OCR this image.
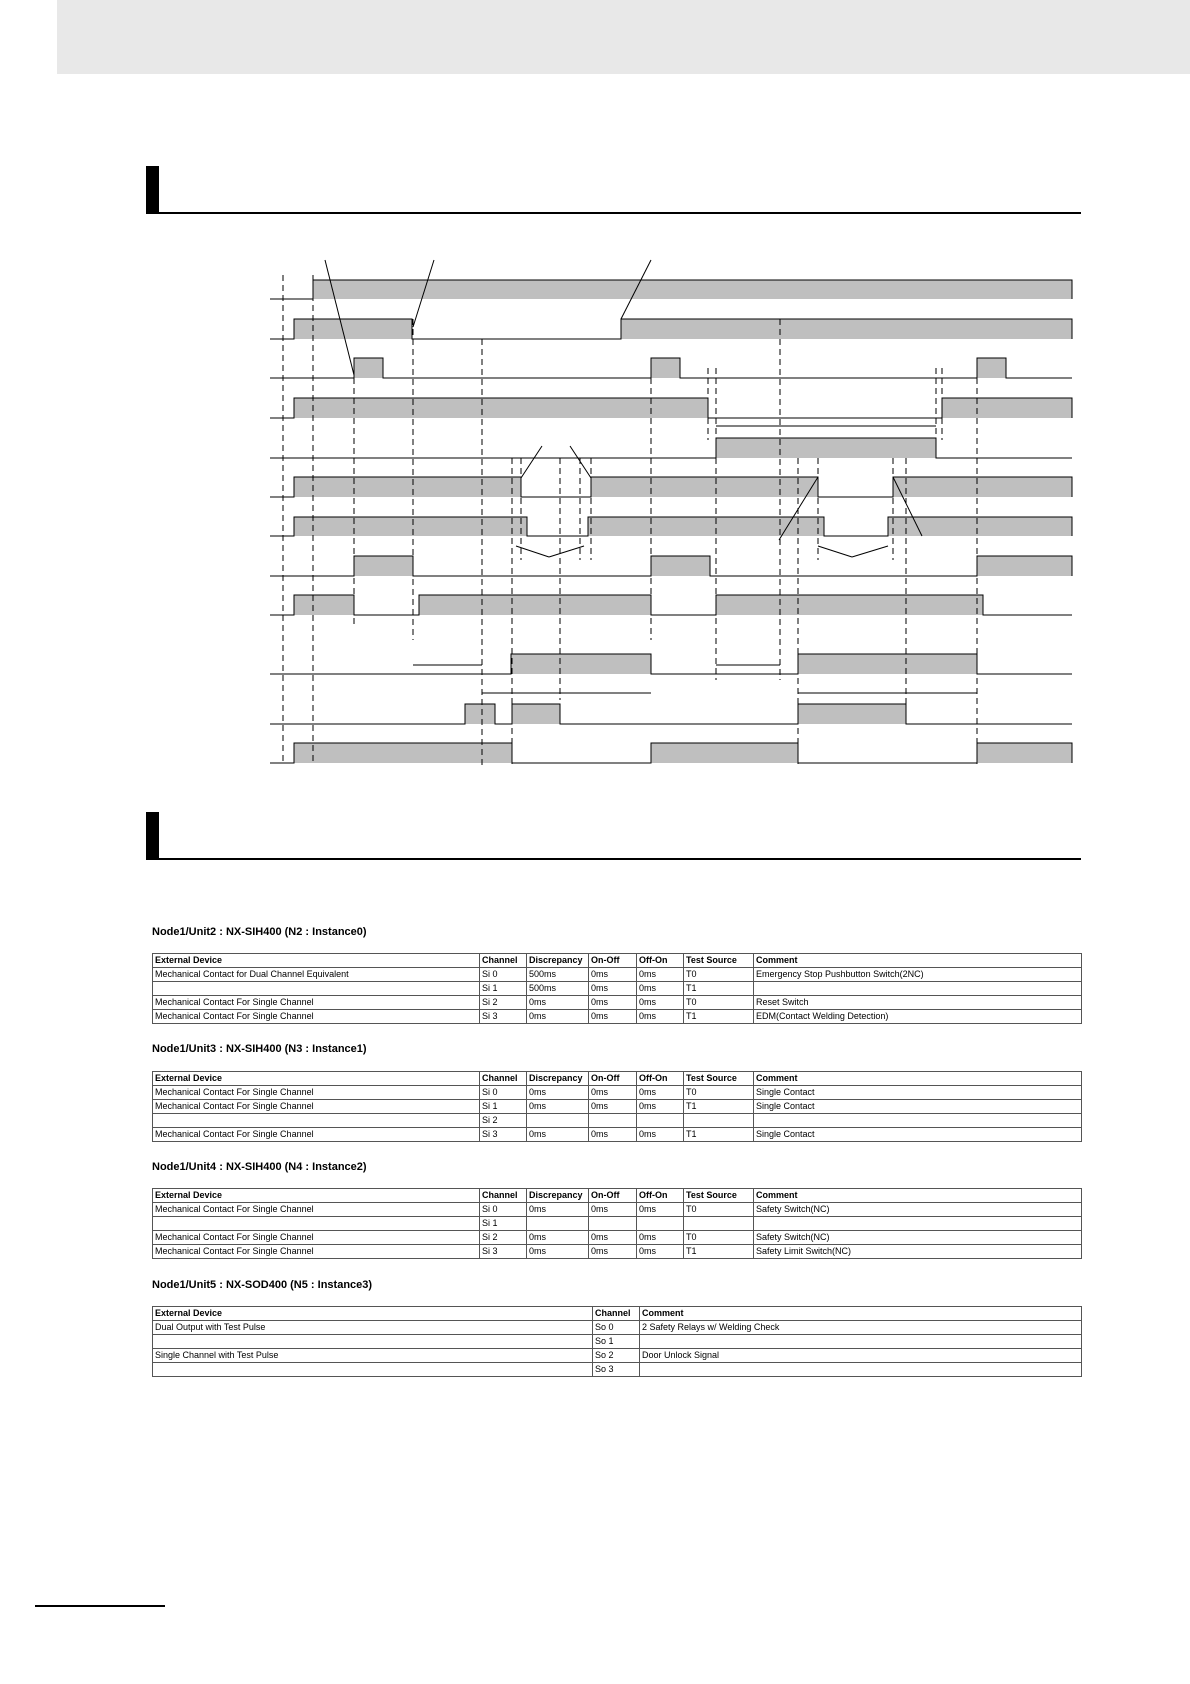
Node1/Unit2 : NX-SIH400 (N2 : Instance0)
External Device	Channel	Discrepancy	On-Off	Off-On	Test Source	Comment
Mechanical Contact for Dual Channel Equivalent	Si 0	500ms	0ms	0ms	T0	Emergency Stop Pushbutton Switch(2NC)
	Si 1	500ms	0ms	0ms	T1	
Mechanical Contact For Single Channel	Si 2	0ms	0ms	0ms	T0	Reset Switch
Mechanical Contact For Single Channel	Si 3	0ms	0ms	0ms	T1	EDM(Contact Welding Detection)
Node1/Unit3 : NX-SIH400 (N3 : Instance1)
External Device	Channel	Discrepancy	On-Off	Off-On	Test Source	Comment
Mechanical Contact For Single Channel	Si 0	0ms	0ms	0ms	T0	Single Contact
Mechanical Contact For Single Channel	Si 1	0ms	0ms	0ms	T1	Single Contact
	Si 2					
Mechanical Contact For Single Channel	Si 3	0ms	0ms	0ms	T1	Single Contact
Node1/Unit4 : NX-SIH400 (N4 : Instance2)
External Device	Channel	Discrepancy	On-Off	Off-On	Test Source	Comment
Mechanical Contact For Single Channel	Si 0	0ms	0ms	0ms	T0	Safety Switch(NC)
	Si 1					
Mechanical Contact For Single Channel	Si 2	0ms	0ms	0ms	T0	Safety Switch(NC)
Mechanical Contact For Single Channel	Si 3	0ms	0ms	0ms	T1	Safety Limit Switch(NC)
Node1/Unit5 : NX-SOD400 (N5 : Instance3)
External Device	Channel	Comment
Dual Output with Test Pulse	So 0	2 Safety Relays w/ Welding Check
	So 1	
Single Channel with Test Pulse	So 2	Door Unlock Signal
	So 3	
